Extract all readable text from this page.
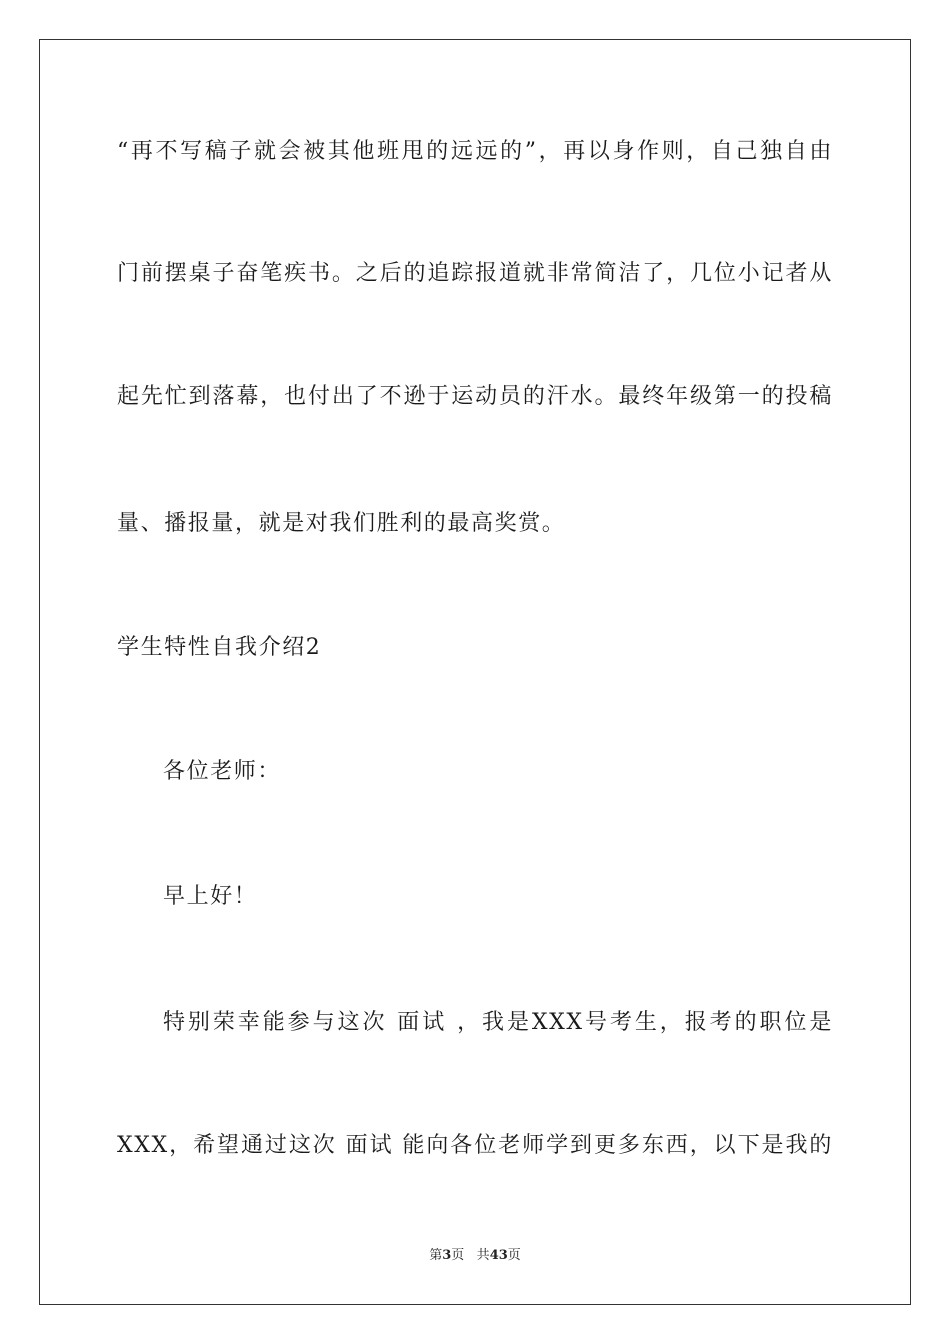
“再不写稿子就会被其他班甩的远远的”，再以身作则，自己独自由
门前摆桌子奋笔疾书。之后的追踪报道就非常简洁了，几位小记者从
起先忙到落幕，也付出了不逊于运动员的汗水。最终年级第一的投稿
量、播报量，就是对我们胜利的最高奖赏。
学生特性自我介绍2
各位老师：
早上好！
特别荣幸能参与这次 面试 ，我是XXX号考生，报考的职位是
XXX，希望通过这次 面试 能向各位老师学到更多东西，以下是我的
第3页 共43页
